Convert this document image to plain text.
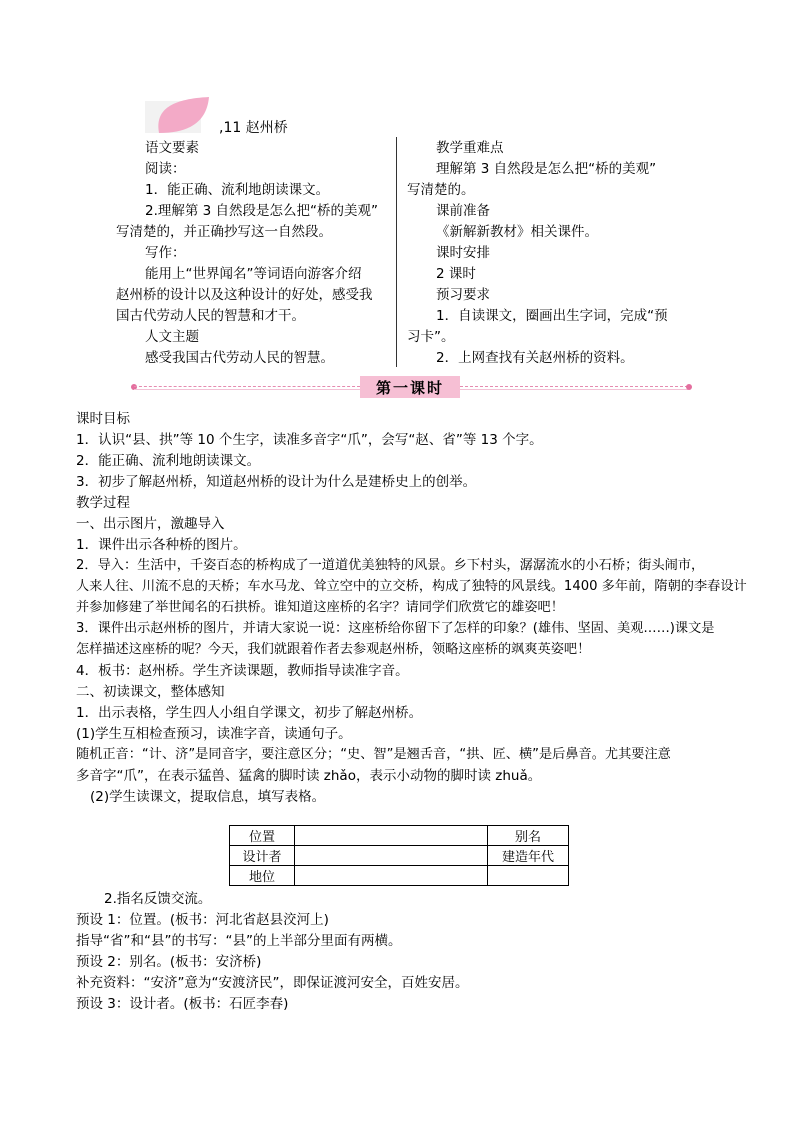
,11 赵州桥
语文要素
阅读：
1．能正确、流利地朗读课文。
2.理解第 3 自然段是怎么把“桥的美观”
写清楚的，并正确抄写这一自然段。
写作：
能用上“世界闻名”等词语向游客介绍
赵州桥的设计以及这种设计的好处，感受我
国古代劳动人民的智慧和才干。
人文主题
感受我国古代劳动人民的智慧。
教学重难点
理解第 3 自然段是怎么把“桥的美观”
写清楚的。
课前准备
《新解新教材》相关课件。
课时安排
2 课时
预习要求
1．自读课文，圈画出生字词，完成“预
习卡”。
2．上网查找有关赵州桥的资料。
第一课时
课时目标
1．认识“县、拱”等 10 个生字，读准多音字“爪”，会写“赵、省”等 13 个字。
2．能正确、流利地朗读课文。
3．初步了解赵州桥，知道赵州桥的设计为什么是建桥史上的创举。
教学过程
一、出示图片，激趣导入
1．课件出示各种桥的图片。
2．导入：生活中，千姿百态的桥构成了一道道优美独特的风景。乡下村头，潺潺流水的小石桥；街头闹市，
人来人往、川流不息的天桥；车水马龙、耸立空中的立交桥，构成了独特的风景线。1400 多年前，隋朝的李春设计
并参加修建了举世闻名的石拱桥。谁知道这座桥的名字？请同学们欣赏它的雄姿吧！
3．课件出示赵州桥的图片，并请大家说一说：这座桥给你留下了怎样的印象？(雄伟、坚固、美观……)课文是
怎样描述这座桥的呢？今天，我们就跟着作者去参观赵州桥，领略这座桥的飒爽英姿吧！
4．板书：赵州桥。学生齐读课题，教师指导读准字音。
二、初读课文，整体感知
1．出示表格，学生四人小组自学课文，初步了解赵州桥。
(1)学生互相检查预习，读准字音，读通句子。
随机正音：“计、济”是同音字，要注意区分；“史、智”是翘舌音，“拱、匠、横”是后鼻音。尤其要注意
多音字“爪”，在表示猛兽、猛禽的脚时读 zhǎo，表示小动物的脚时读 zhuǎ。
(2)学生读课文，提取信息，填写表格。
位置		别名
设计者		建造年代
地位		
2.指名反馈交流。
预设 1：位置。(板书：河北省赵县洨河上)
指导“省”和“县”的书写：“县”的上半部分里面有两横。
预设 2：别名。(板书：安济桥)
补充资料：“安济”意为“安渡济民”，即保证渡河安全，百姓安居。
预设 3：设计者。(板书：石匠李春)
